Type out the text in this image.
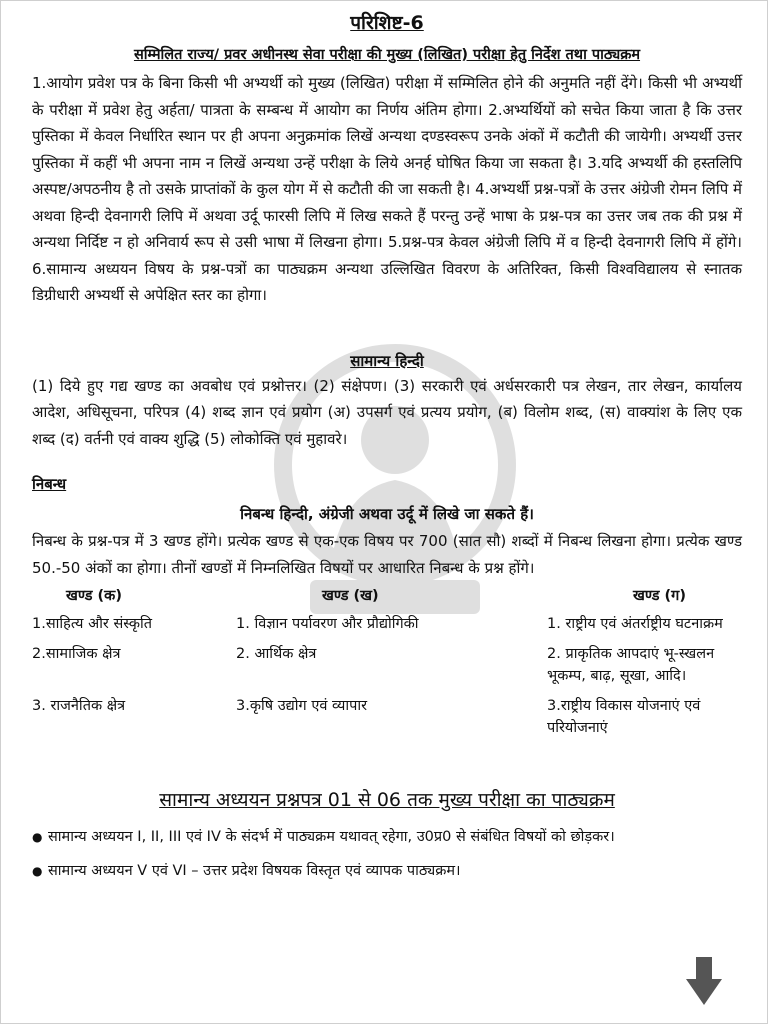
परिशिष्ट-6
सम्मिलित राज्य/ प्रवर अधीनस्थ सेवा परीक्षा की मुख्य (लिखित) परीक्षा हेतु निर्देश तथा पाठ्यक्रम

1.आयोग प्रवेश पत्र के बिना किसी भी अभ्यर्थी को मुख्य (लिखित) परीक्षा में सम्मिलित होने की अनुमति नहीं देंगे। किसी भी अभ्यर्थी के परीक्षा में प्रवेश हेतु अर्हता/ पात्रता के सम्बन्ध में आयोग का निर्णय अंतिम होगा। 2.अभ्यर्थियों को सचेत किया जाता है कि उत्तर पुस्तिका में केवल निर्धारित स्थान पर ही अपना अनुक्रमांक लिखें अन्यथा दण्डस्वरूप उनके अंकों में कटौती की जायेगी। अभ्यर्थी उत्तर पुस्तिका में कहीं भी अपना नाम न लिखें अन्यथा उन्हें परीक्षा के लिये अनर्ह घोषित किया जा सकता है। 3.यदि अभ्यर्थी की हस्तलिपि अस्पष्ट/अपठनीय है तो उसके प्राप्तांकों के कुल योग में से कटौती की जा सकती है। 4.अभ्यर्थी प्रश्न-पत्रों के उत्तर अंग्रेजी रोमन लिपि में अथवा हिन्दी देवनागरी लिपि में अथवा उर्दू फारसी लिपि में लिख सकते हैं परन्तु उन्हें भाषा के प्रश्न-पत्र का उत्तर जब तक की प्रश्न में अन्यथा निर्दिष्ट न हो अनिवार्य रूप से उसी भाषा में लिखना होगा। 5.प्रश्न-पत्र केवल अंग्रेजी लिपि में व हिन्दी देवनागरी लिपि में होंगे। 6.सामान्य अध्ययन विषय के प्रश्न-पत्रों का पाठ्यक्रम अन्यथा उल्लिखित विवरण के अतिरिक्त, किसी विश्वविद्यालय से स्नातक डिग्रीधारी अभ्यर्थी से अपेक्षित स्तर का होगा।

सामान्य हिन्दी

(1) दिये हुए गद्य खण्ड का अवबोध एवं प्रश्नोत्तर। (2) संक्षेपण। (3) सरकारी एवं अर्धसरकारी पत्र लेखन, तार लेखन, कार्यालय आदेश, अधिसूचना, परिपत्र (4) शब्द ज्ञान एवं प्रयोग (अ) उपसर्ग एवं प्रत्यय प्रयोग, (ब) विलोम शब्द, (स) वाक्यांश के लिए एक शब्द (द) वर्तनी एवं वाक्य शुद्धि (5) लोकोक्ति एवं मुहावरे।

निबन्ध
निबन्ध हिन्दी, अंग्रेजी अथवा उर्दू में लिखे जा सकते हैं।

निबन्ध के प्रश्न-पत्र में 3 खण्ड होंगे। प्रत्येक खण्ड से एक-एक विषय पर 700 (सात सौ) शब्दों में निबन्ध लिखना होगा। प्रत्येक खण्ड 50.-50 अंकों का होगा। तीनों खण्डों में निम्नलिखित विषयों पर आधारित निबन्ध के प्रश्न होंगे।

खण्ड (क)	खण्ड (ख)	खण्ड (ग)
1.साहित्य और संस्कृति	1. विज्ञान पर्यावरण और प्रौद्योगिकी	1. राष्ट्रीय एवं अंतर्राष्ट्रीय घटनाक्रम
2.सामाजिक क्षेत्र	2. आर्थिक क्षेत्र	2. प्राकृतिक आपदाएं भू-स्खलन भूकम्प, बाढ़, सूखा, आदि।
3. राजनैतिक क्षेत्र	3.कृषि उद्योग एवं व्यापार	3.राष्ट्रीय विकास योजनाएं एवं परियोजनाएं
सामान्य अध्ययन प्रश्नपत्र 01 से 06 तक मुख्य परीक्षा का पाठ्यक्रम
● सामान्य अध्ययन I, II, III एवं IV के संदर्भ में पाठ्यक्रम यथावत् रहेगा, उ0प्र0 से संबंधित विषयों को छोड़कर।
● सामान्य अध्ययन V एवं VI – उत्तर प्रदेश विषयक विस्तृत एवं व्यापक पाठ्यक्रम।
